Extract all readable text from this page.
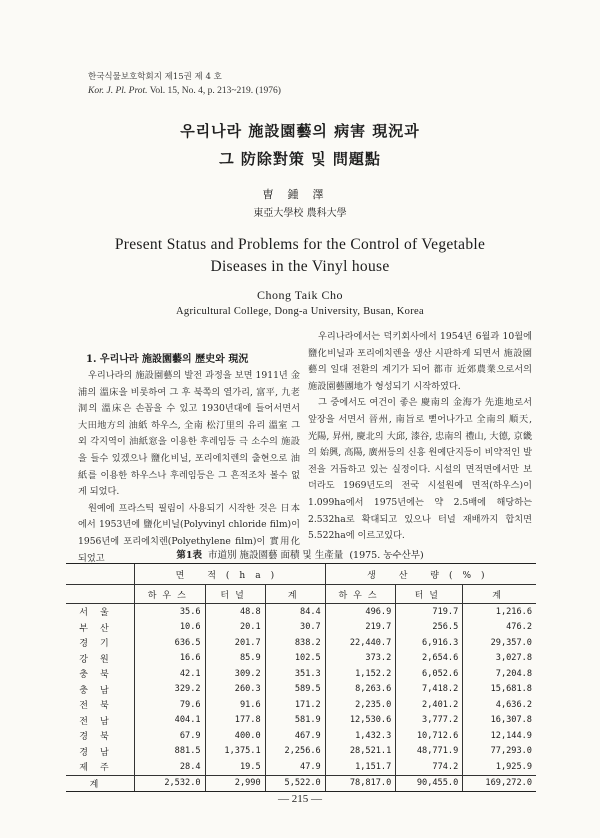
한국식물보호학회지 제15권 제 4 호
Kor. J. Pl. Prot. Vol. 15, No. 4, p. 213~219. (1976)
우리나라 施設園藝의 病害 現況과
그 防除對策 및 問題點
曺鍾澤
東亞大學校 農科大學
Present Status and Problems for the Control of Vegetable
Diseases in the Vinyl house
Chong Taik Cho
Agricultural College, Dong-a University, Busan, Korea
1. 우리나라 施設園藝의 歷史와 現況

우리나라의 施設園藝의 발전 과정을 보면 1911년 金浦의 溫床을 비롯하여 그 후 북쪽의 열가리, 富平, 九老洞의 溫床은 손꼽을 수 있고 1930년대에 들어서면서 大田地方의 油紙 하우스, 全南 松汀里의 유리 溫室 그외 각지역이 油紙窓을 이용한 후레임등 극 소수의 施設을 들수 있겠으나 鹽化비닐, 포리에치렌의 출현으로 油紙를 이용한 하우스나 후레임등은 그 흔적조차 볼수 없게 되었다.

원예에 프라스틱 필림이 사용되기 시작한 것은 日本에서 1953년에 鹽化비닐(Polyvinyl chloride film)이 1956년에 포리에치렌(Polyethylene film)이 實用化되었고

우리나라에서는 덕키회사에서 1954년 6월과 10월에 鹽化비닐과 포리에치렌을 생산 시판하게 되면서 施設園藝의 일대 전환의 계기가 되어 都市 近郊農業으로서의 施設園藝團地가 형성되기 시작하였다.

그 중에서도 여건이 좋은 慶南의 金海가 先進地로서 앞장을 서면서 晉州, 南旨로 뻗어나가고 全南의 順天, 光陽, 昇州, 慶北의 大邱, 漆谷, 忠南의 禮山, 大德, 京畿의 始興, 高陽, 廣州등의 신흥 원예단지등이 비약적인 발전을 거듭하고 있는 실정이다. 시설의 면적면에서만 보더라도 1969년도의 전국 시설원예 면적(하우스)이 1.099ha에서 1975년에는 약 2.5배에 해당하는 2.532ha로 확대되고 있으나 터널 재배까지 합치면 5.522ha에 이르고있다.

第1表 市道別 施設園藝 面積 및 生產量 (1975. 농수산부)
	면 적(ha)			생 산 량(%)		
	하우스	터널	계	하우스	터널	계
서울	35.6	48.8	84.4	496.9	719.7	1,216.6
부산	10.6	20.1	30.7	219.7	256.5	476.2
경기	636.5	201.7	838.2	22,440.7	6,916.3	29,357.0
강원	16.6	85.9	102.5	373.2	2,654.6	3,027.8
충북	42.1	309.2	351.3	1,152.2	6,052.6	7,204.8
충남	329.2	260.3	589.5	8,263.6	7,418.2	15,681.8
전북	79.6	91.6	171.2	2,235.0	2,401.2	4,636.2
전남	404.1	177.8	581.9	12,530.6	3,777.2	16,307.8
경북	67.9	400.0	467.9	1,432.3	10,712.6	12,144.9
경남	881.5	1,375.1	2,256.6	28,521.1	48,771.9	77,293.0
제주	28.4	19.5	47.9	1,151.7	774.2	1,925.9
계	2,532.0	2,990	5,522.0	78,817.0	90,455.0	169,272.0
— 215 —
